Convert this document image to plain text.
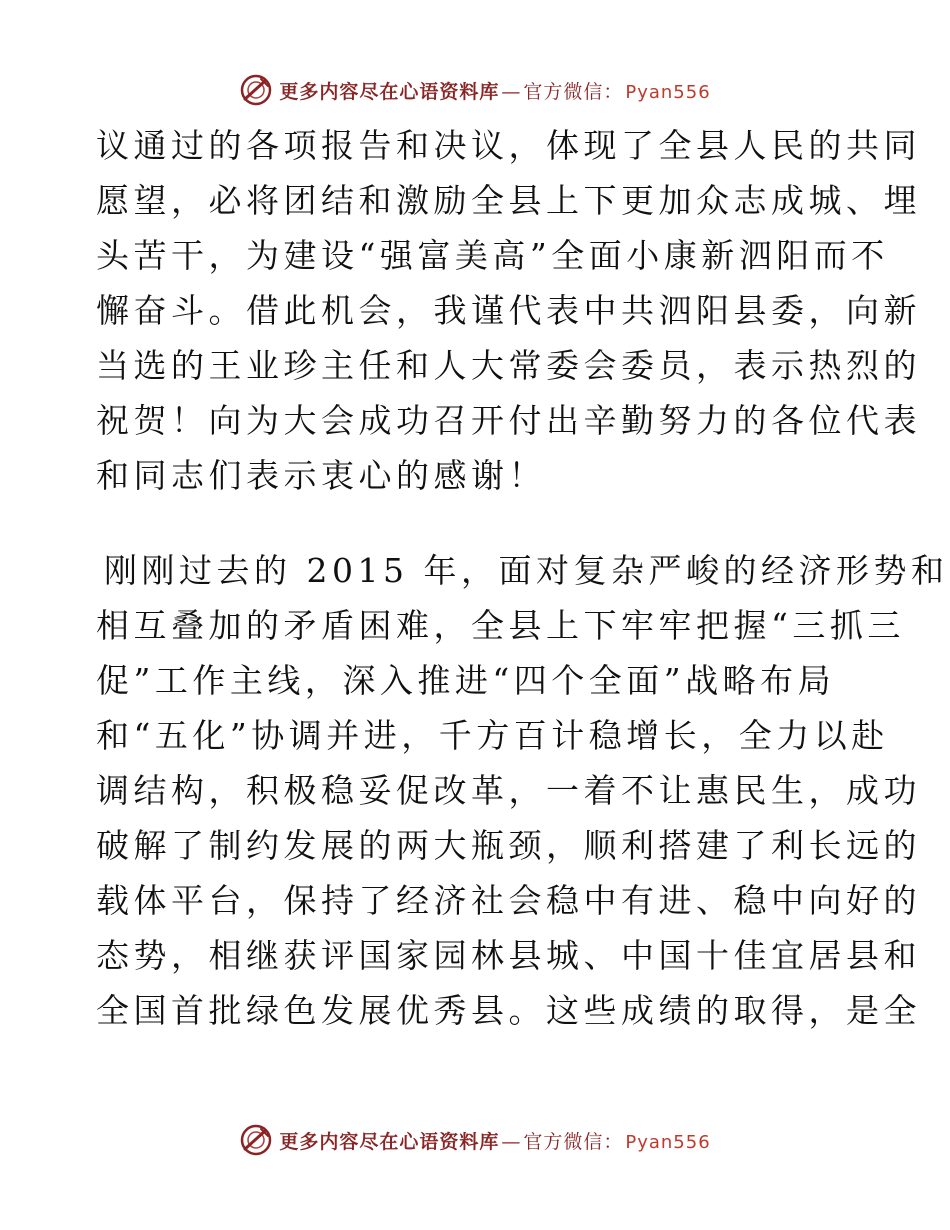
更多内容尽在心语资料库 — 官方微信： Pyan556
议通过的各项报告和决议，体现了全县人民的共同
愿望，必将团结和激励全县上下更加众志成城、埋
头苦干，为建设“强富美高”全面小康新泗阳而不
懈奋斗。借此机会，我谨代表中共泗阳县委，向新
当选的王业珍主任和人大常委会委员，表示热烈的
祝贺！向为大会成功召开付出辛勤努力的各位代表
和同志们表示衷心的感谢！
刚刚过去的 2015 年，面对复杂严峻的经济形势和
相互叠加的矛盾困难，全县上下牢牢把握“三抓三
促”工作主线，深入推进“四个全面”战略布局
和“五化”协调并进，千方百计稳增长，全力以赴
调结构，积极稳妥促改革，一着不让惠民生，成功
破解了制约发展的两大瓶颈，顺利搭建了利长远的
载体平台，保持了经济社会稳中有进、稳中向好的
态势，相继获评国家园林县城、中国十佳宜居县和
全国首批绿色发展优秀县。这些成绩的取得，是全
更多内容尽在心语资料库 — 官方微信： Pyan556
